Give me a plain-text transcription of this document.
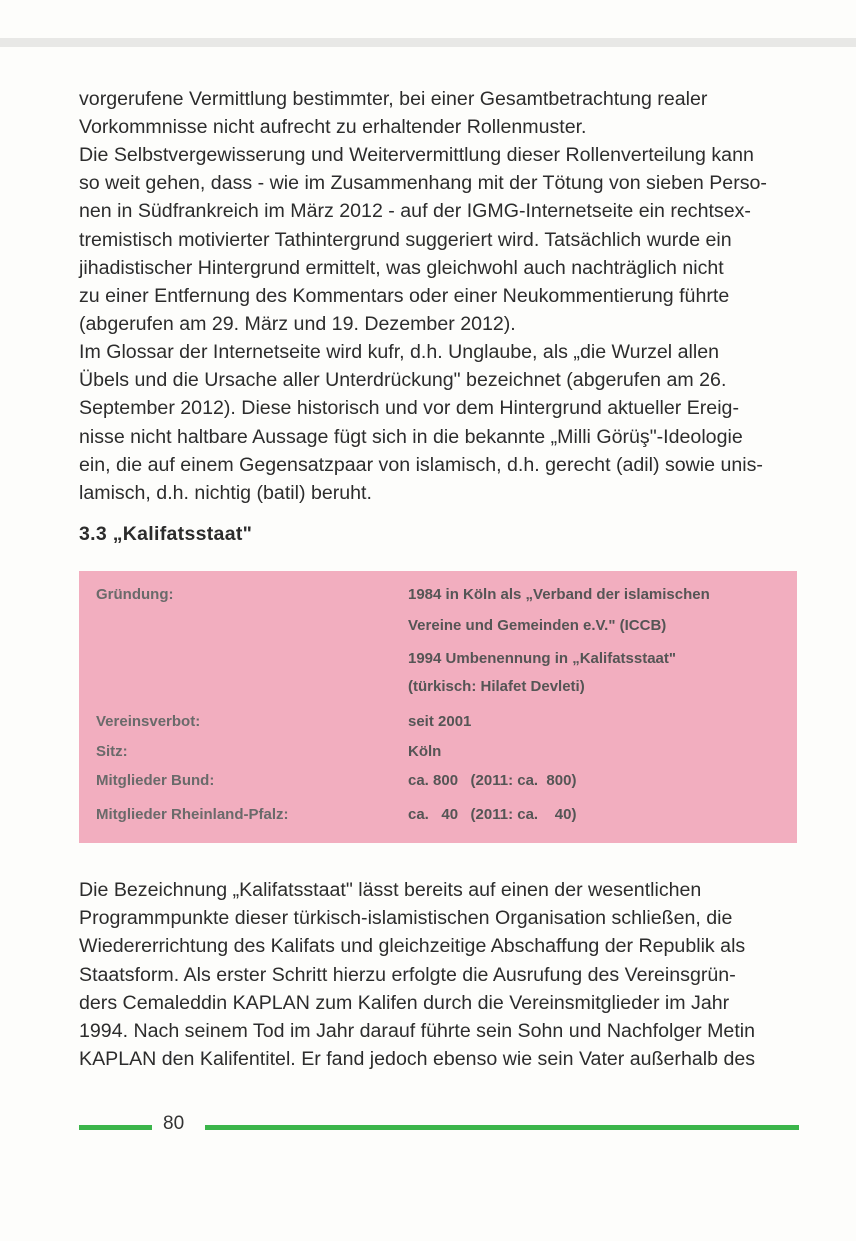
vorgerufene Vermittlung bestimmter, bei einer Gesamtbetrachtung realer
Vorkommnisse nicht aufrecht zu erhaltender Rollenmuster.
Die Selbstvergewisserung und Weitervermittlung dieser Rollenverteilung kann
so weit gehen, dass - wie im Zusammenhang mit der Tötung von sieben Perso-
nen in Südfrankreich im März 2012 - auf der IGMG-Internetseite ein rechtsex-
tremistisch motivierter Tathintergrund suggeriert wird. Tatsächlich wurde ein
jihadistischer Hintergrund ermittelt, was gleichwohl auch nachträglich nicht
zu einer Entfernung des Kommentars oder einer Neukommentierung führte
(abgerufen am 29. März und 19. Dezember 2012).
Im Glossar der Internetseite wird kufr, d.h. Unglaube, als „die Wurzel allen
Übels und die Ursache aller Unterdrückung" bezeichnet (abgerufen am 26.
September 2012). Diese historisch und vor dem Hintergrund aktueller Ereig-
nisse nicht haltbare Aussage fügt sich in die bekannte „Milli Görüş"-Ideologie
ein, die auf einem Gegensatzpaar von islamisch, d.h. gerecht (adil) sowie unis-
lamisch, d.h. nichtig (batil) beruht.
3.3 „Kalifatsstaat"
Gründung:
Vereinsverbot:
Sitz:
Mitglieder Bund:
Mitglieder Rheinland-Pfalz:
1984 in Köln als „Verband der islamischen
Vereine und Gemeinden e.V." (ICCB)
1994 Umbenennung in „Kalifatsstaat"
(türkisch: Hilafet Devleti)
seit 2001
Köln
ca. 800   (2011: ca.  800)
ca.   40   (2011: ca.    40)
Die Bezeichnung „Kalifatsstaat" lässt bereits auf einen der wesentlichen
Programmpunkte dieser türkisch-islamistischen Organisation schließen, die
Wiedererrichtung des Kalifats und gleichzeitige Abschaffung der Republik als
Staatsform. Als erster Schritt hierzu erfolgte die Ausrufung des Vereinsgrün-
ders Cemaleddin KAPLAN zum Kalifen durch die Vereinsmitglieder im Jahr
1994. Nach seinem Tod im Jahr darauf führte sein Sohn und Nachfolger Metin
KAPLAN den Kalifentitel. Er fand jedoch ebenso wie sein Vater außerhalb des
80
